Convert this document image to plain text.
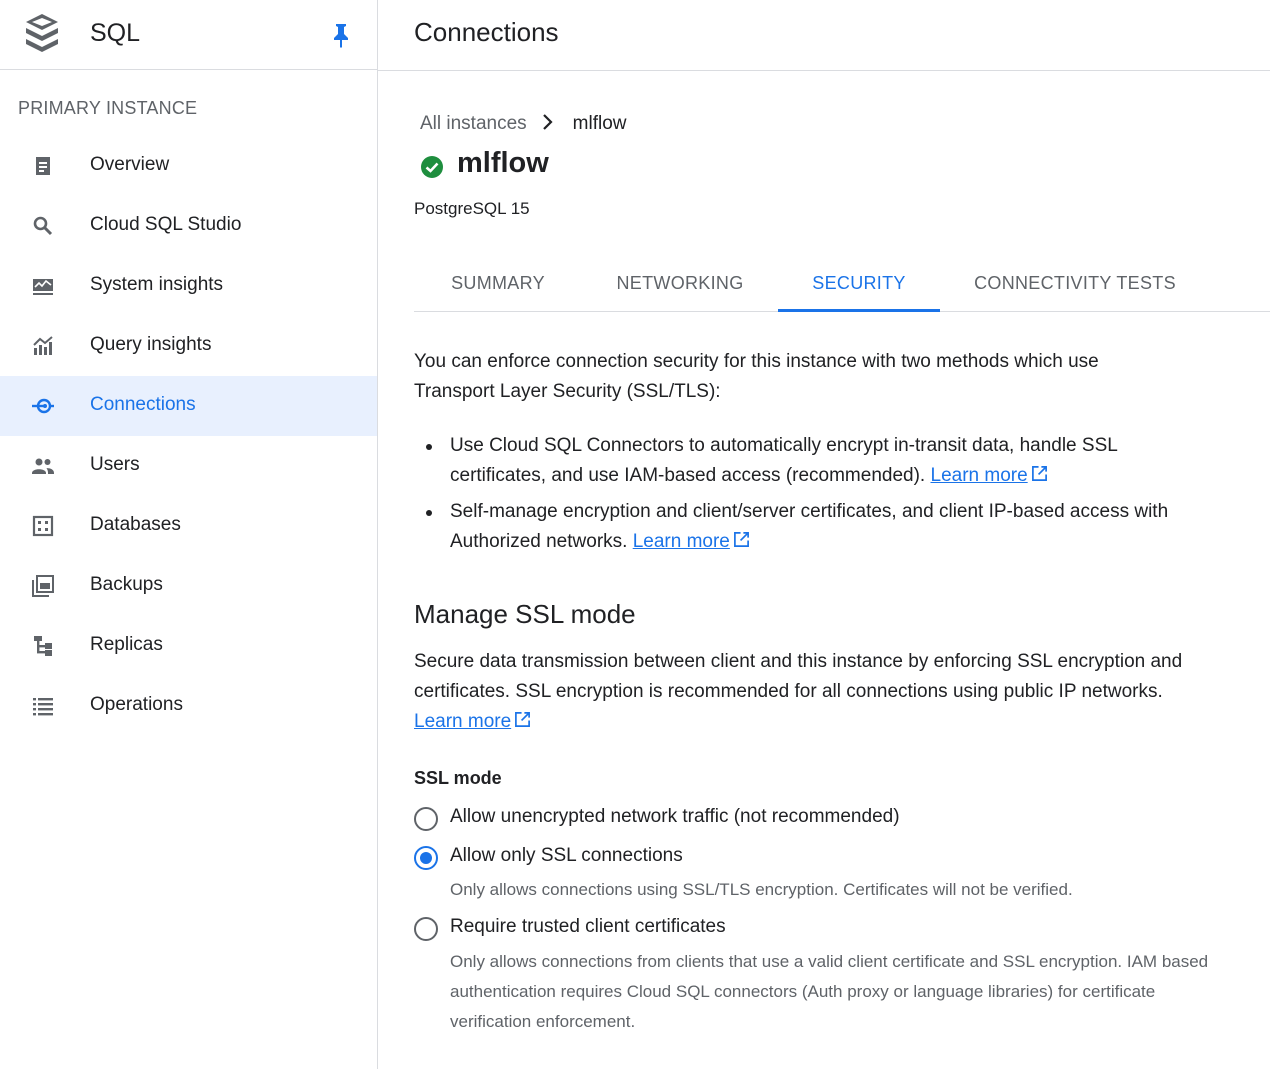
SQL
PRIMARY INSTANCE
Overview
Cloud SQL Studio
System insights
Query insights
Connections
Users
Databases
Backups
Replicas
Operations
Connections
All instances mlflow
mlflow
PostgreSQL 15
SUMMARY	NETWORKING	SECURITY	CONNECTIVITY TESTS
You can enforce connection security for this instance with two methods which use Transport Layer Security (SSL/TLS):
Use Cloud SQL Connectors to automatically encrypt in-transit data, handle SSL certificates, and use IAM-based access (recommended). Learn more
Self-manage encryption and client/server certificates, and client IP-based access with Authorized networks. Learn more
Manage SSL mode
Secure data transmission between client and this instance by enforcing SSL encryption and certificates. SSL encryption is recommended for all connections using public IP networks. Learn more
SSL mode
Allow unencrypted network traffic (not recommended)
Allow only SSL connections
Only allows connections using SSL/TLS encryption. Certificates will not be verified.
Require trusted client certificates
Only allows connections from clients that use a valid client certificate and SSL encryption. IAM based authentication requires Cloud SQL connectors (Auth proxy or language libraries) for certificate verification enforcement.
